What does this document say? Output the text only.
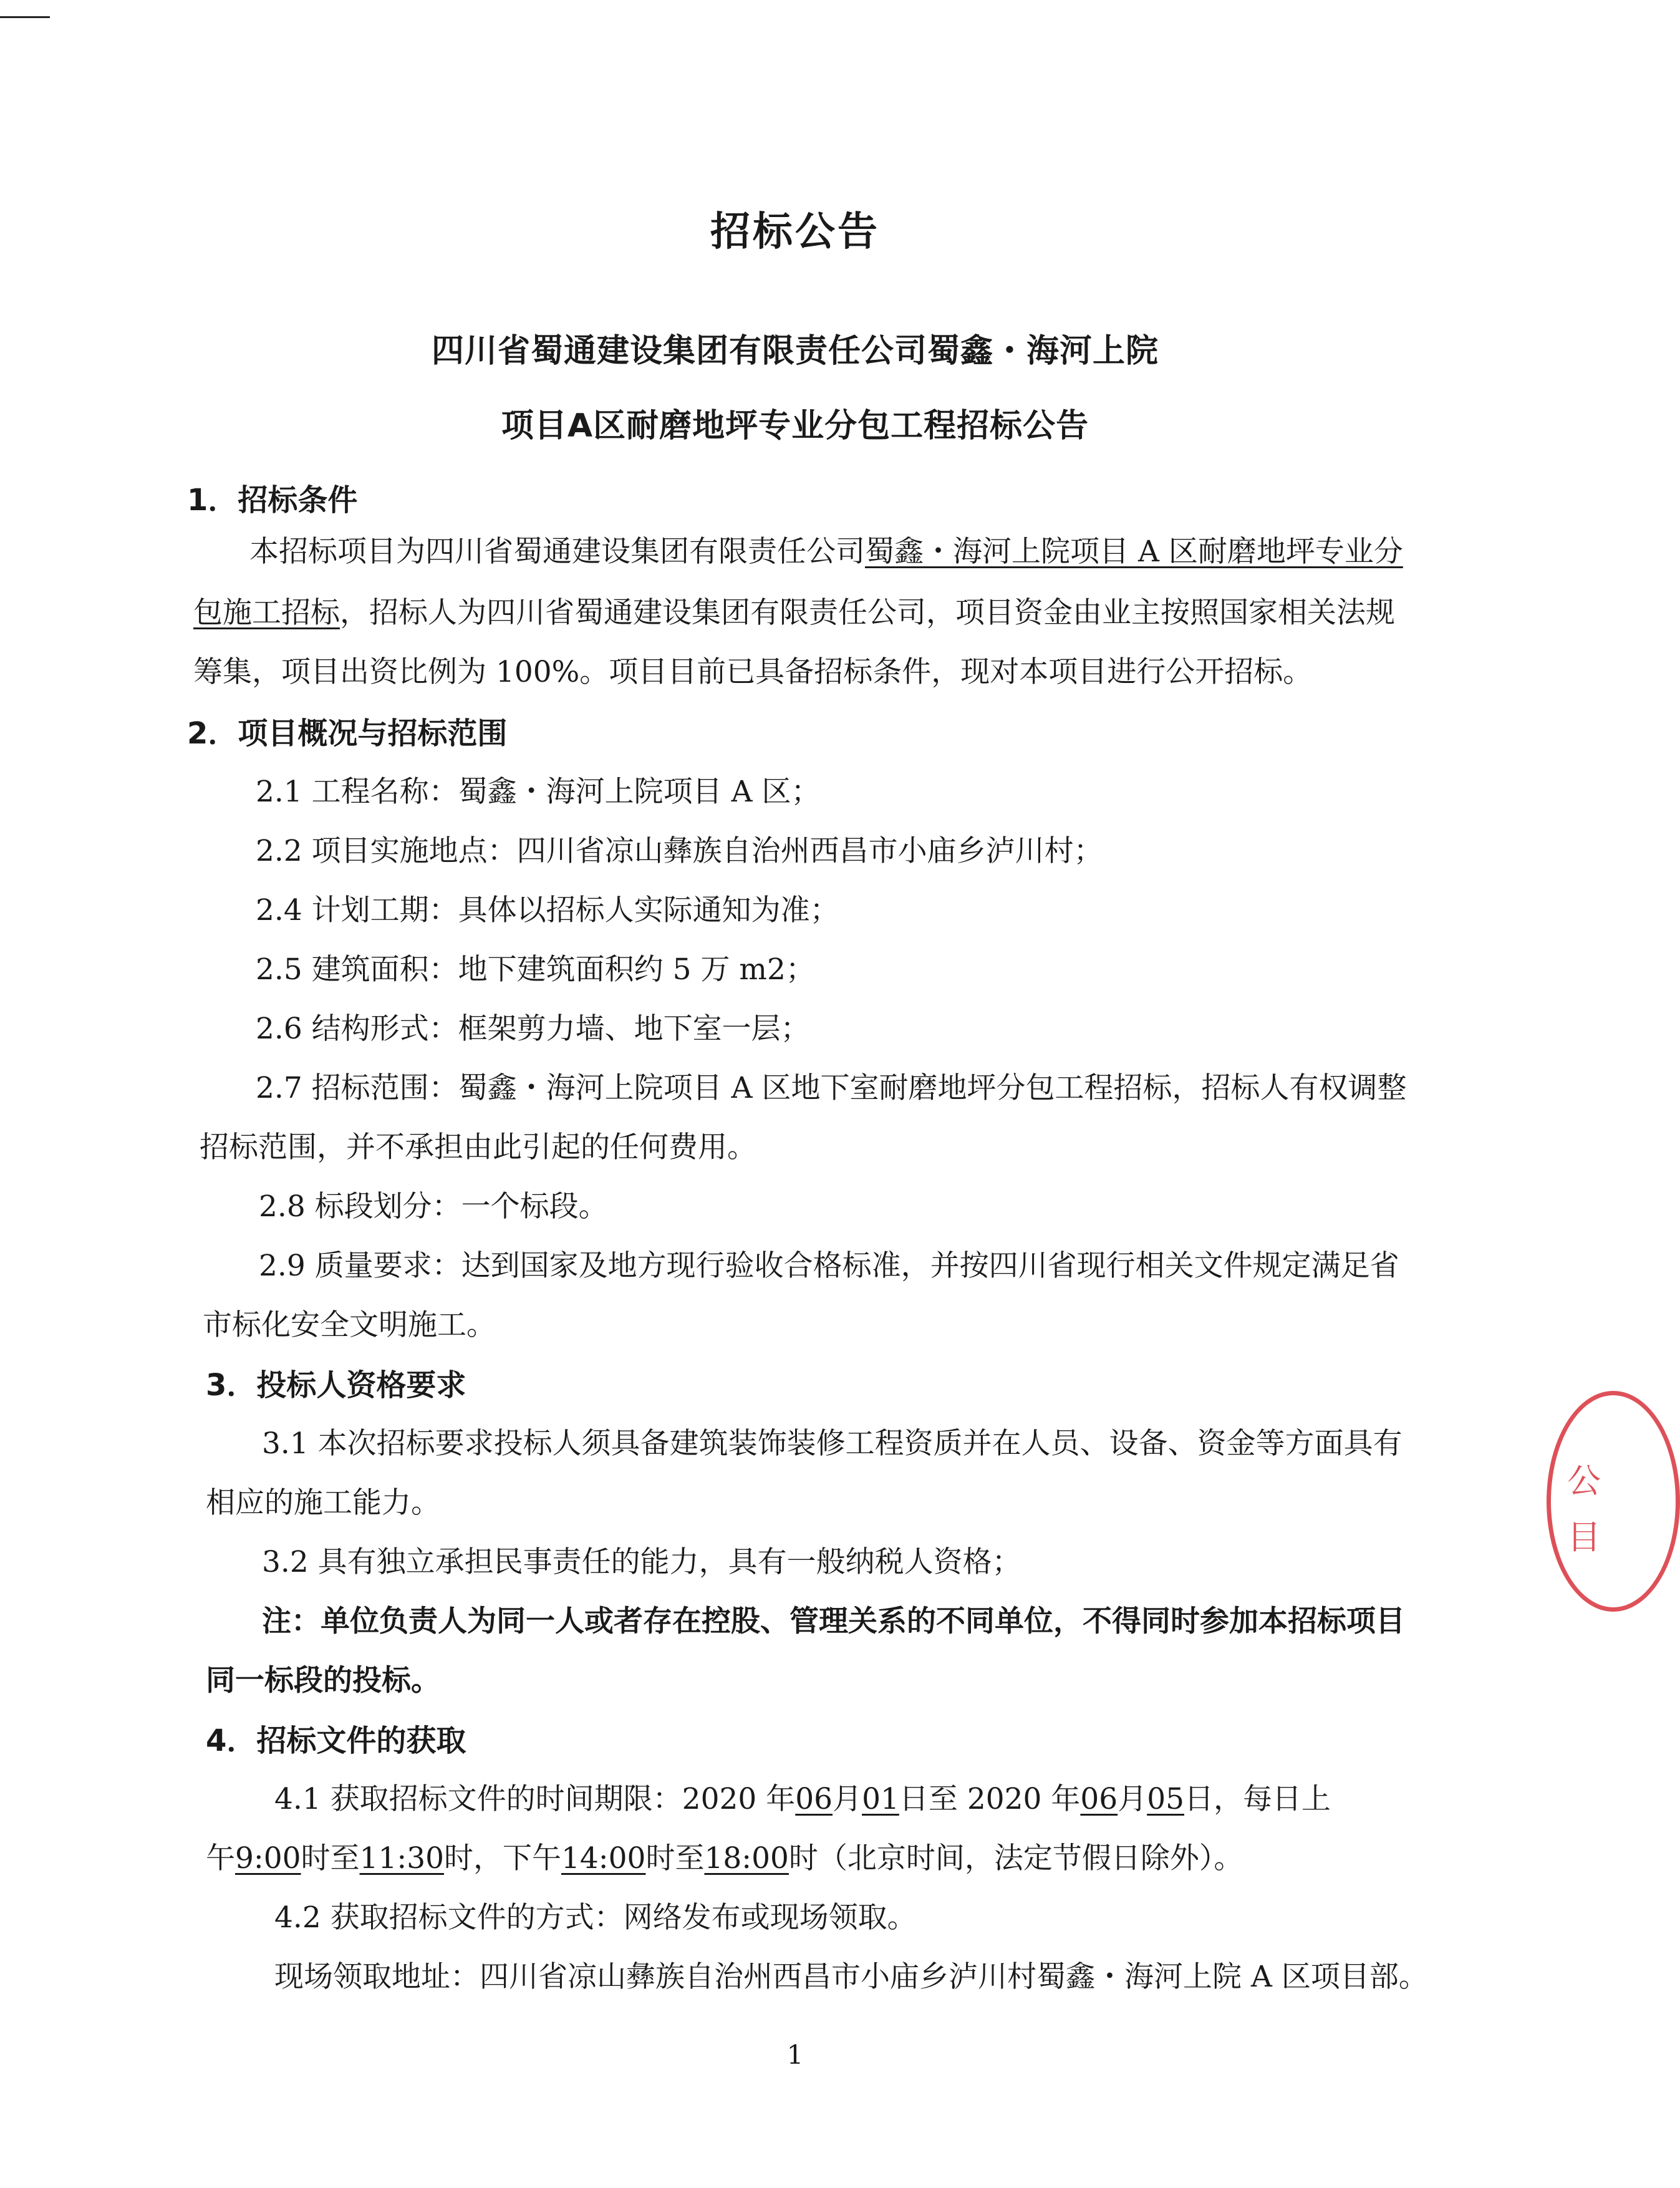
招标公告
四川省蜀通建设集团有限责任公司蜀鑫・海河上院
项目A区耐磨地坪专业分包工程招标公告
1．招标条件
本招标项目为四川省蜀通建设集团有限责任公司蜀鑫・海河上院项目 A 区耐磨地坪专业分
包施工招标，招标人为四川省蜀通建设集团有限责任公司，项目资金由业主按照国家相关法规
筹集，项目出资比例为 100%。项目目前已具备招标条件，现对本项目进行公开招标。
2．项目概况与招标范围
2.1 工程名称：蜀鑫・海河上院项目 A 区；
2.2 项目实施地点：四川省凉山彝族自治州西昌市小庙乡泸川村；
2.4 计划工期：具体以招标人实际通知为准；
2.5 建筑面积：地下建筑面积约 5 万 m2；
2.6 结构形式：框架剪力墙、地下室一层；
2.7 招标范围：蜀鑫・海河上院项目 A 区地下室耐磨地坪分包工程招标，招标人有权调整
招标范围，并不承担由此引起的任何费用。
2.8 标段划分：一个标段。
2.9 质量要求：达到国家及地方现行验收合格标准，并按四川省现行相关文件规定满足省
市标化安全文明施工。
3．投标人资格要求
3.1 本次招标要求投标人须具备建筑装饰装修工程资质并在人员、设备、资金等方面具有
相应的施工能力。
3.2 具有独立承担民事责任的能力，具有一般纳税人资格；
注：单位负责人为同一人或者存在控股、管理关系的不同单位，不得同时参加本招标项目
同一标段的投标。
4．招标文件的获取
4.1 获取招标文件的时间期限：2020 年06月01日至 2020 年06月05日，每日上
午9:00时至11:30时，下午14:00时至18:00时（北京时间，法定节假日除外）。
4.2 获取招标文件的方式：网络发布或现场领取。
现场领取地址：四川省凉山彝族自治州西昌市小庙乡泸川村蜀鑫・海河上院 A 区项目部。
1
公
目
